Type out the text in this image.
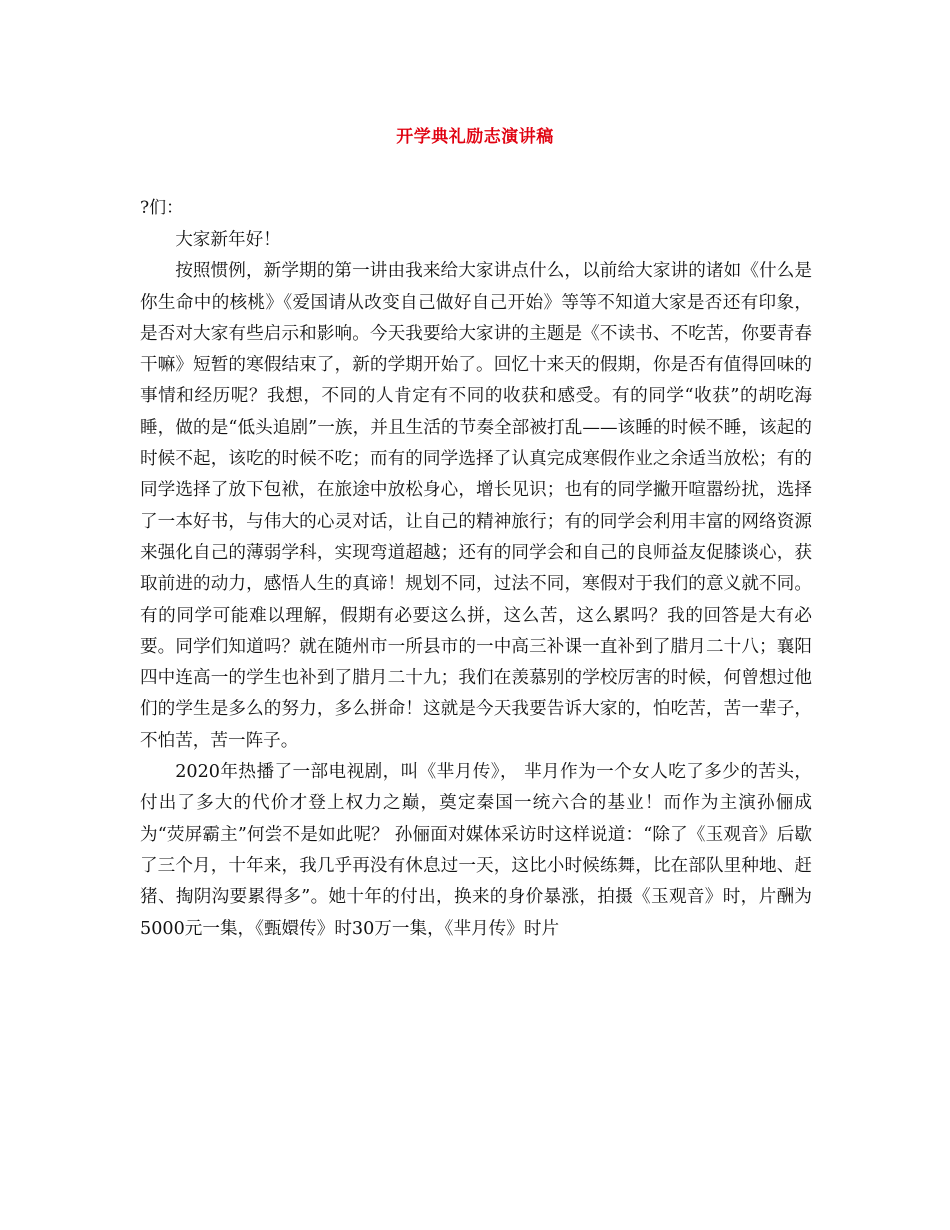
开学典礼励志演讲稿
?们：

大家新年好！

按照惯例，新学期的第一讲由我来给大家讲点什么，以前给大家讲的诸如《什么是你生命中的核桃》《爱国请从改变自己做好自己开始》等等不知道大家是否还有印象，是否对大家有些启示和影响。今天我要给大家讲的主题是《不读书、不吃苦，你要青春干嘛》短暂的寒假结束了，新的学期开始了。回忆十来天的假期，你是否有值得回味的事情和经历呢？我想，不同的人肯定有不同的收获和感受。有的同学“收获”的胡吃海睡，做的是“低头追剧”一族，并且生活的节奏全部被打乱——该睡的时候不睡，该起的时候不起，该吃的时候不吃；而有的同学选择了认真完成寒假作业之余适当放松；有的同学选择了放下包袱，在旅途中放松身心，增长见识；也有的同学撇开喧嚣纷扰，选择了一本好书，与伟大的心灵对话，让自己的精神旅行；有的同学会利用丰富的网络资源来强化自己的薄弱学科，实现弯道超越；还有的同学会和自己的良师益友促膝谈心，获取前进的动力，感悟人生的真谛！规划不同，过法不同，寒假对于我们的意义就不同。有的同学可能难以理解，假期有必要这么拼，这么苦，这么累吗？我的回答是大有必要。同学们知道吗？就在随州市一所县市的一中高三补课一直补到了腊月二十八；襄阳四中连高一的学生也补到了腊月二十九；我们在羡慕别的学校厉害的时候，何曾想过他们的学生是多么的努力，多么拼命！这就是今天我要告诉大家的，怕吃苦，苦一辈子，不怕苦，苦一阵子。

2020年热播了一部电视剧，叫《芈月传》， 芈月作为一个女人吃了多少的苦头，付出了多大的代价才登上权力之巅，奠定秦国一统六合的基业！而作为主演孙俪成为“荧屏霸主”何尝不是如此呢？ 孙俪面对媒体采访时这样说道：“除了《玉观音》后歇了三个月，十年来，我几乎再没有休息过一天，这比小时候练舞，比在部队里种地、赶猪、掏阴沟要累得多”。她十年的付出，换来的身价暴涨，拍摄《玉观音》时，片酬为5000元一集，《甄嬛传》时30万一集，《芈月传》时片
